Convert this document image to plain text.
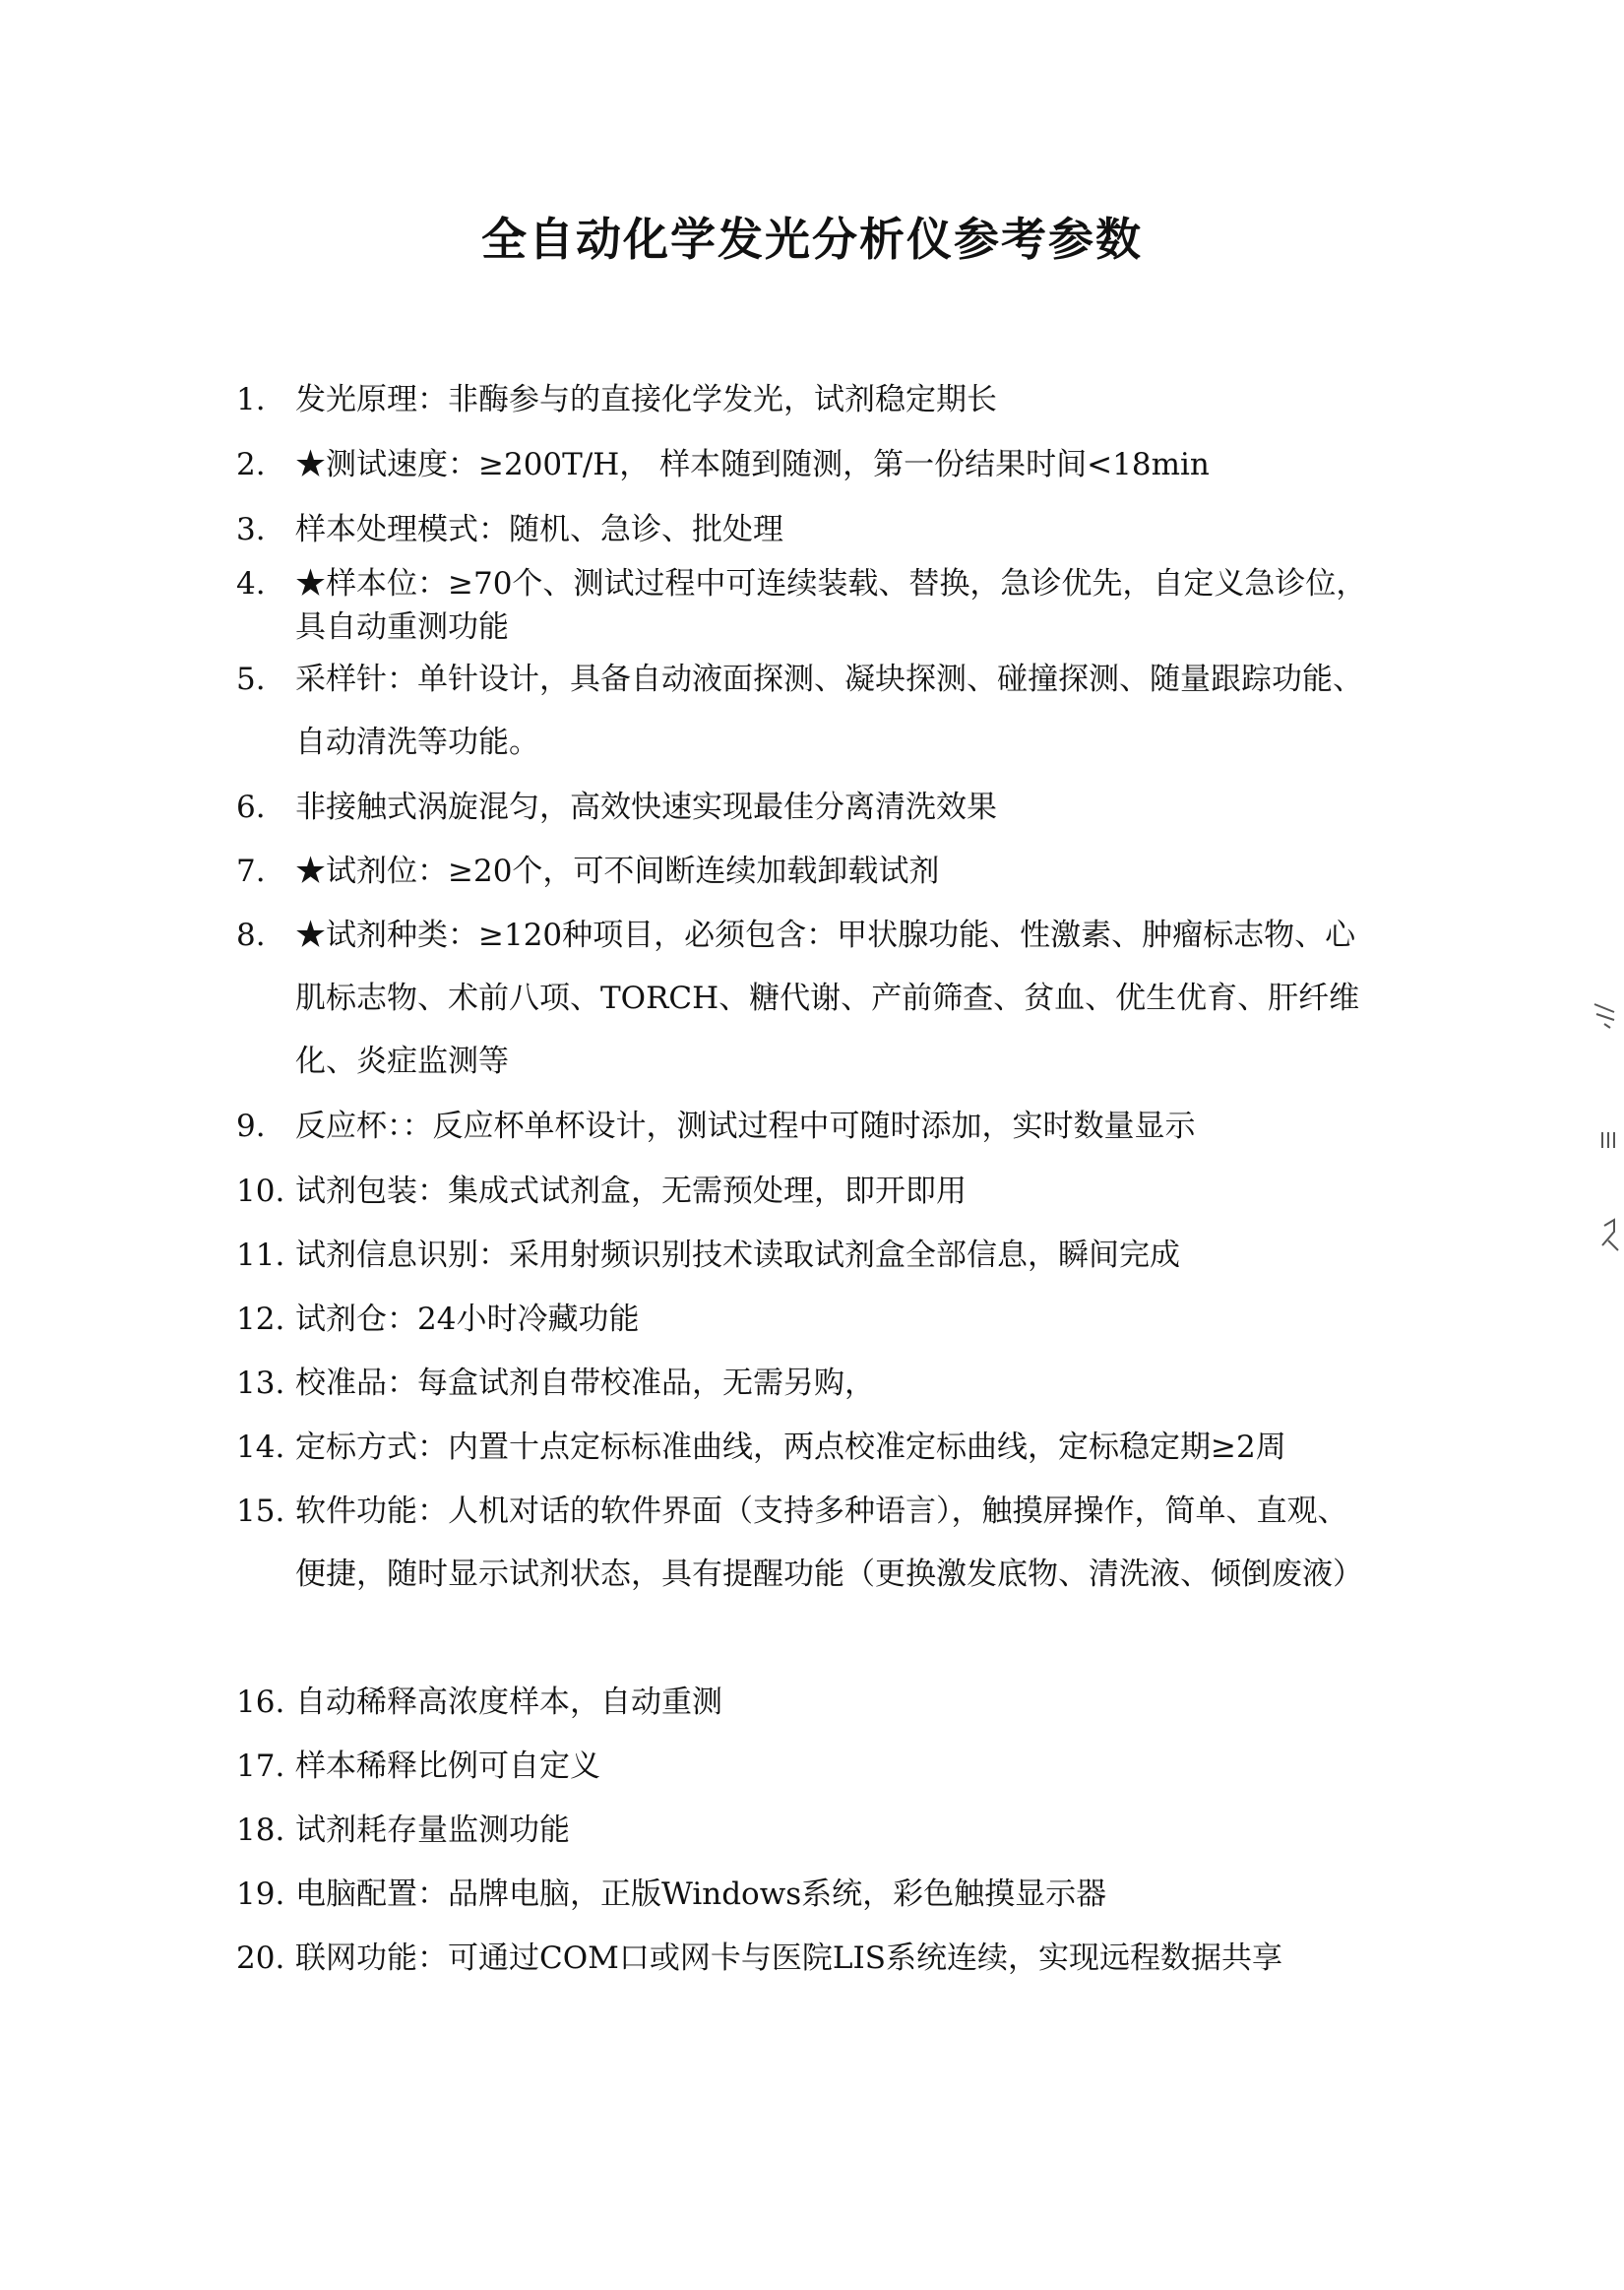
全自动化学发光分析仪参考参数
1. 发光原理：非酶参与的直接化学发光，试剂稳定期长
2. ★测试速度：≥200T/H， 样本随到随测，第一份结果时间<18min
3. 样本处理模式：随机、急诊、批处理
4. ★样本位：≥70个、测试过程中可连续装载、替换，急诊优先，自定义急诊位，具自动重测功能
5. 采样针：单针设计，具备自动液面探测、凝块探测、碰撞探测、随量跟踪功能、自动清洗等功能。
6. 非接触式涡旋混匀，高效快速实现最佳分离清洗效果
7. ★试剂位：≥20个，可不间断连续加载卸载试剂
8. ★试剂种类：≥120种项目，必须包含：甲状腺功能、性激素、肿瘤标志物、心肌标志物、术前八项、TORCH、糖代谢、产前筛查、贫血、优生优育、肝纤维化、炎症监测等
9. 反应杯：：反应杯单杯设计，测试过程中可随时添加，实时数量显示
10. 试剂包装：集成式试剂盒，无需预处理，即开即用
11. 试剂信息识别：采用射频识别技术读取试剂盒全部信息，瞬间完成
12. 试剂仓：24小时冷藏功能
13. 校准品：每盒试剂自带校准品，无需另购，
14. 定标方式：内置十点定标标准曲线，两点校准定标曲线，定标稳定期≥2周
15. 软件功能：人机对话的软件界面（支持多种语言），触摸屏操作，简单、直观、便捷，随时显示试剂状态，具有提醒功能（更换激发底物、清洗液、倾倒废液）
16. 自动稀释高浓度样本，自动重测
17. 样本稀释比例可自定义
18. 试剂耗存量监测功能
19. 电脑配置：品牌电脑，正版Windows系统，彩色触摸显示器
20. 联网功能：可通过COM口或网卡与医院LIS系统连续，实现远程数据共享
